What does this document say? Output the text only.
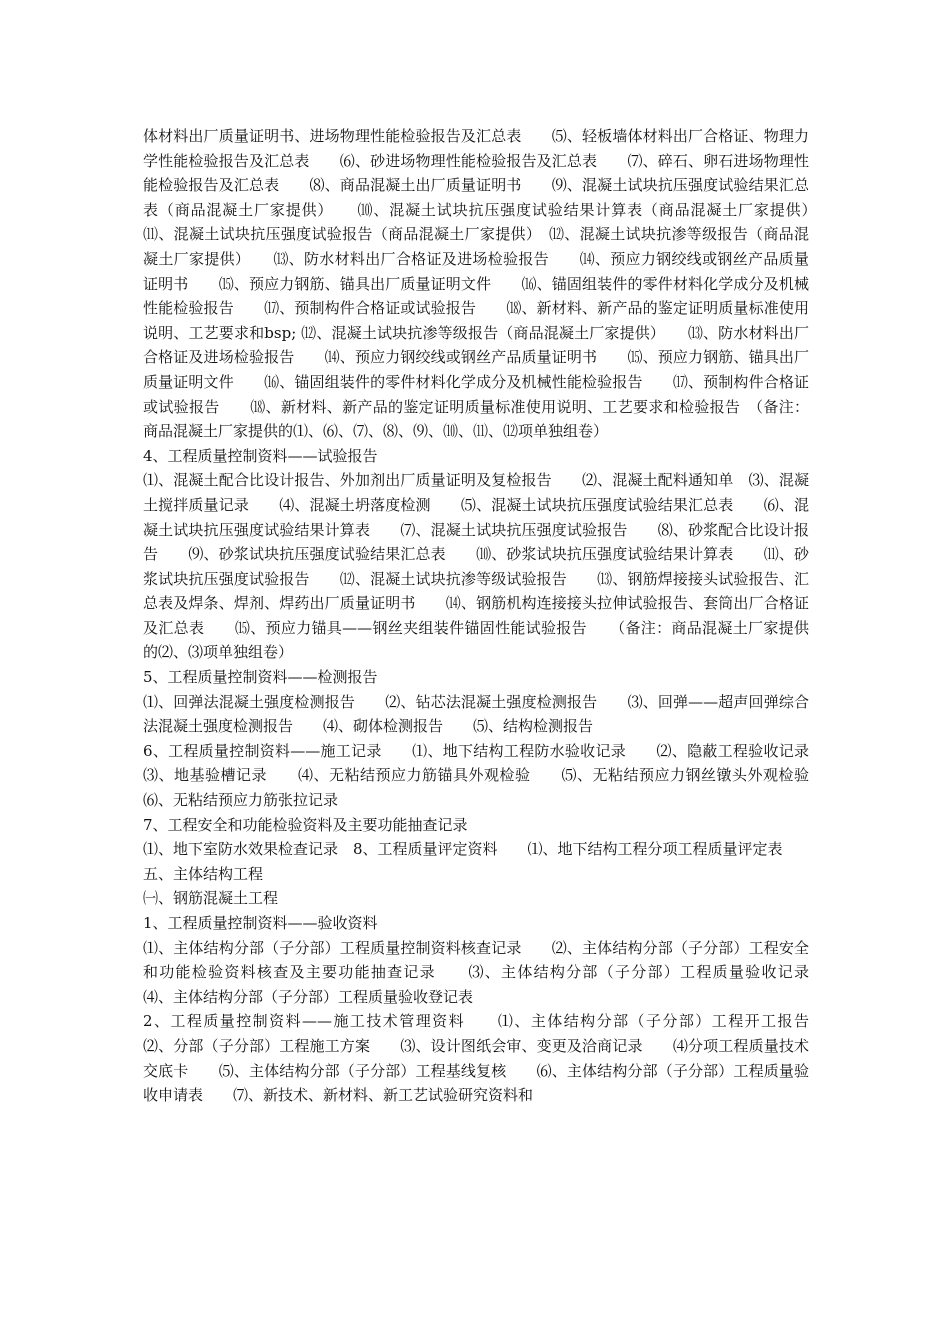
体材料出厂质量证明书、进场物理性能检验报告及汇总表　　⑸、轻板墙体材料出厂合格证、物理力学性能检验报告及汇总表　　⑹、砂进场物理性能检验报告及汇总表　　⑺、碎石、卵石进场物理性能检验报告及汇总表　　⑻、商品混凝土出厂质量证明书　　⑼、混凝土试块抗压强度试验结果汇总表（商品混凝土厂家提供）　　⑽、混凝土试块抗压强度试验结果计算表（商品混凝土厂家提供）　　⑾、混凝土试块抗压强度试验报告（商品混凝土厂家提供）　⑿、混凝土试块抗渗等级报告（商品混凝土厂家提供）　　⒀、防水材料出厂合格证及进场检验报告　　⒁、预应力钢绞线或钢丝产品质量证明书　　⒂、预应力钢筋、锚具出厂质量证明文件　　⒃、锚固组装件的零件材料化学成分及机械性能检验报告　　⒄、预制构件合格证或试验报告　　⒅、新材料、新产品的鉴定证明质量标准使用说明、工艺要求和bsp; ⑿、混凝土试块抗渗等级报告（商品混凝土厂家提供）　　⒀、防水材料出厂合格证及进场检验报告　　⒁、预应力钢绞线或钢丝产品质量证明书　　⒂、预应力钢筋、锚具出厂质量证明文件　　⒃、锚固组装件的零件材料化学成分及机械性能检验报告　　⒄、预制构件合格证或试验报告　　⒅、新材料、新产品的鉴定证明质量标准使用说明、工艺要求和检验报告　（备注：商品混凝土厂家提供的⑴、⑹、⑺、⑻、⑼、⑽、⑾、⑿项单独组卷）

4、工程质量控制资料——试验报告

⑴、混凝土配合比设计报告、外加剂出厂质量证明及复检报告　　⑵、混凝土配料通知单　⑶、混凝土搅拌质量记录　　⑷、混凝土坍落度检测　　⑸、混凝土试块抗压强度试验结果汇总表　　⑹、混凝土试块抗压强度试验结果计算表　　⑺、混凝土试块抗压强度试验报告　　⑻、砂浆配合比设计报告　　⑼、砂浆试块抗压强度试验结果汇总表　　⑽、砂浆试块抗压强度试验结果计算表　　⑾、砂浆试块抗压强度试验报告　　⑿、混凝土试块抗渗等级试验报告　　⒀、钢筋焊接接头试验报告、汇总表及焊条、焊剂、焊药出厂质量证明书　　⒁、钢筋机构连接接头拉伸试验报告、套筒出厂合格证及汇总表　　⒂、预应力锚具——钢丝夹组装件锚固性能试验报告　　（备注：商品混凝土厂家提供的⑵、⑶项单独组卷）

5、工程质量控制资料——检测报告

⑴、回弹法混凝土强度检测报告　　⑵、钻芯法混凝土强度检测报告　　⑶、回弹——超声回弹综合法混凝土强度检测报告　　⑷、砌体检测报告　　⑸、结构检测报告

6、工程质量控制资料——施工记录　　⑴、地下结构工程防水验收记录　　⑵、隐蔽工程验收记录　　⑶、地基验槽记录　　⑷、无粘结预应力筋锚具外观检验　　⑸、无粘结预应力钢丝镦头外观检验　　⑹、无粘结预应力筋张拉记录

7、工程安全和功能检验资料及主要功能抽查记录

⑴、地下室防水效果检查记录　8、工程质量评定资料　　⑴、地下结构工程分项工程质量评定表

五、主体结构工程

㈠、钢筋混凝土工程

1、工程质量控制资料——验收资料

⑴、主体结构分部（子分部）工程质量控制资料核查记录　　⑵、主体结构分部（子分部）工程安全和功能检验资料核查及主要功能抽查记录　　⑶、主体结构分部（子分部）工程质量验收记录　　⑷、主体结构分部（子分部）工程质量验收登记表

2、工程质量控制资料——施工技术管理资料　　⑴、主体结构分部（子分部）工程开工报告　　⑵、分部（子分部）工程施工方案　　⑶、设计图纸会审、变更及洽商记录　　⑷分项工程质量技术交底卡　　⑸、主体结构分部（子分部）工程基线复核　　⑹、主体结构分部（子分部）工程质量验收申请表　　⑺、新技术、新材料、新工艺试验研究资料和
